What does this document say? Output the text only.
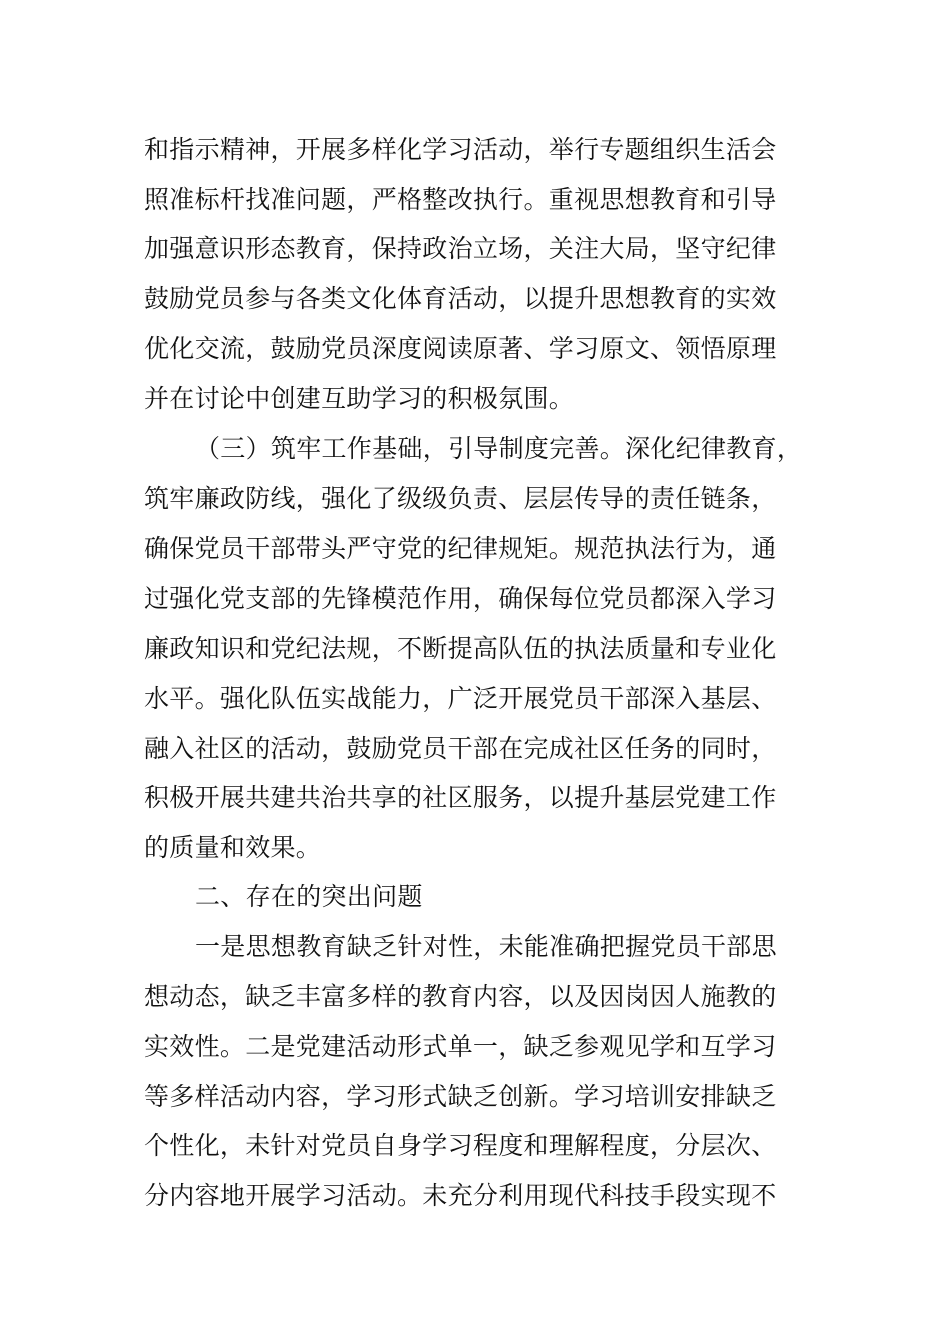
和指示精神，开展多样化学习活动，举行专题组织生活会
照准标杆找准问题，严格整改执行。重视思想教育和引导
加强意识形态教育，保持政治立场，关注大局，坚守纪律
鼓励党员参与各类文化体育活动，以提升思想教育的实效
优化交流，鼓励党员深度阅读原著、学习原文、领悟原理
并在讨论中创建互助学习的积极氛围。
（三）筑牢工作基础，引导制度完善。深化纪律教育，
筑牢廉政防线，强化了级级负责、层层传导的责任链条，
确保党员干部带头严守党的纪律规矩。规范执法行为，通
过强化党支部的先锋模范作用，确保每位党员都深入学习
廉政知识和党纪法规，不断提高队伍的执法质量和专业化
水平。强化队伍实战能力，广泛开展党员干部深入基层、
融入社区的活动，鼓励党员干部在完成社区任务的同时，
积极开展共建共治共享的社区服务，以提升基层党建工作
的质量和效果。
二、存在的突出问题
一是思想教育缺乏针对性，未能准确把握党员干部思
想动态，缺乏丰富多样的教育内容，以及因岗因人施教的
实效性。二是党建活动形式单一，缺乏参观见学和互学习
等多样活动内容，学习形式缺乏创新。学习培训安排缺乏
个性化，未针对党员自身学习程度和理解程度，分层次、
分内容地开展学习活动。未充分利用现代科技手段实现不
